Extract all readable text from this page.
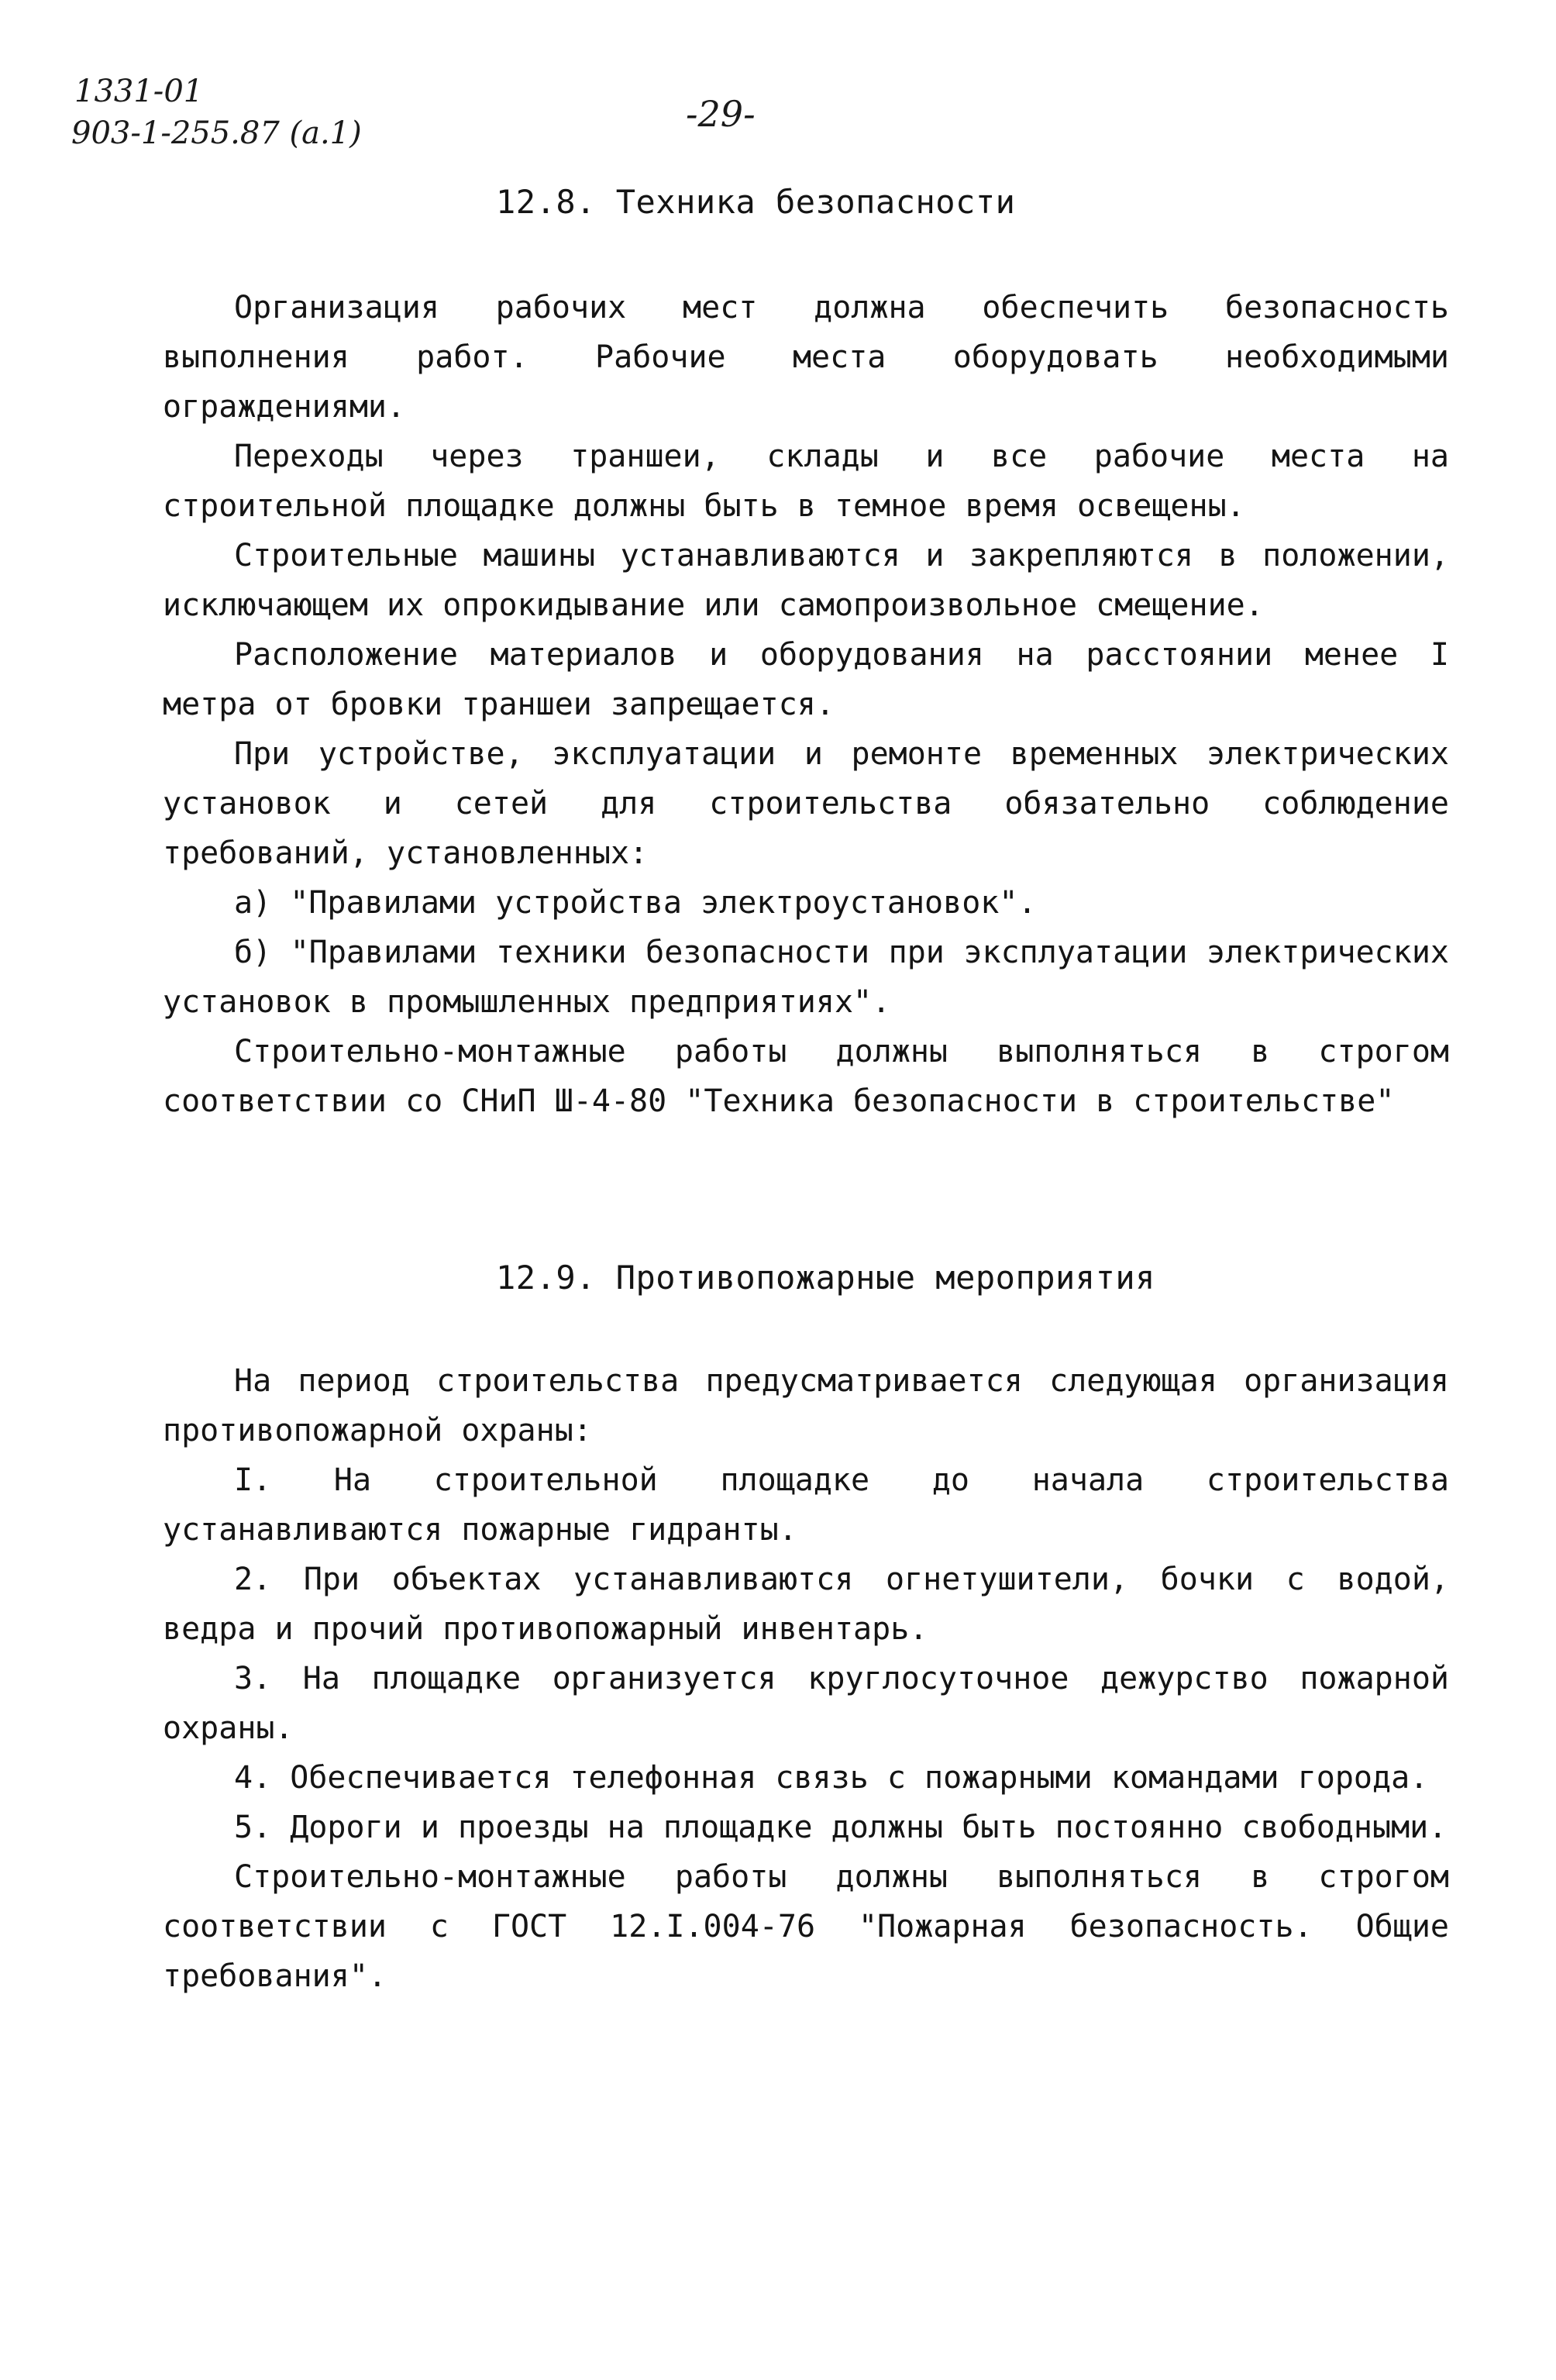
1331-01
903-1-255.87 (а.1)	-29-
12.8. Техника безопасности

Организация рабочих мест должна обеспечить безопасность выполнения работ. Рабочие места оборудовать необходимыми ограждениями.

Переходы через траншеи, склады и все рабочие места на строительной площадке должны быть в темное время освещены.

Строительные машины устанавливаются и закрепляются в положении, исключающем их опрокидывание или самопроизвольное смещение.

Расположение материалов и оборудования на расстоянии менее I метра от бровки траншеи запрещается.

При устройстве, эксплуатации и ремонте временных электрических установок и сетей для строительства обязательно соблюдение требований, установленных:

а) "Правилами устройства электроустановок".

б) "Правилами техники безопасности при эксплуатации электрических установок в промышленных предприятиях".

Строительно-монтажные работы должны выполняться в строгом соответствии со СНиП Ш-4-80 "Техника безопасности в строительстве"

12.9. Противопожарные мероприятия

На период строительства предусматривается следующая организация противопожарной охраны:

I. На строительной площадке до начала строительства устанавливаются пожарные гидранты.

2. При объектах устанавливаются огнетушители, бочки с водой, ведра и прочий противопожарный инвентарь.

3. На площадке организуется круглосуточное дежурство пожарной охраны.

4. Обеспечивается телефонная связь с пожарными командами города.

5. Дороги и проезды на площадке должны быть постоянно свободными.

Строительно-монтажные работы должны выполняться в строгом соответствии с ГОСТ 12.I.004-76 "Пожарная безопасность. Общие требования".
